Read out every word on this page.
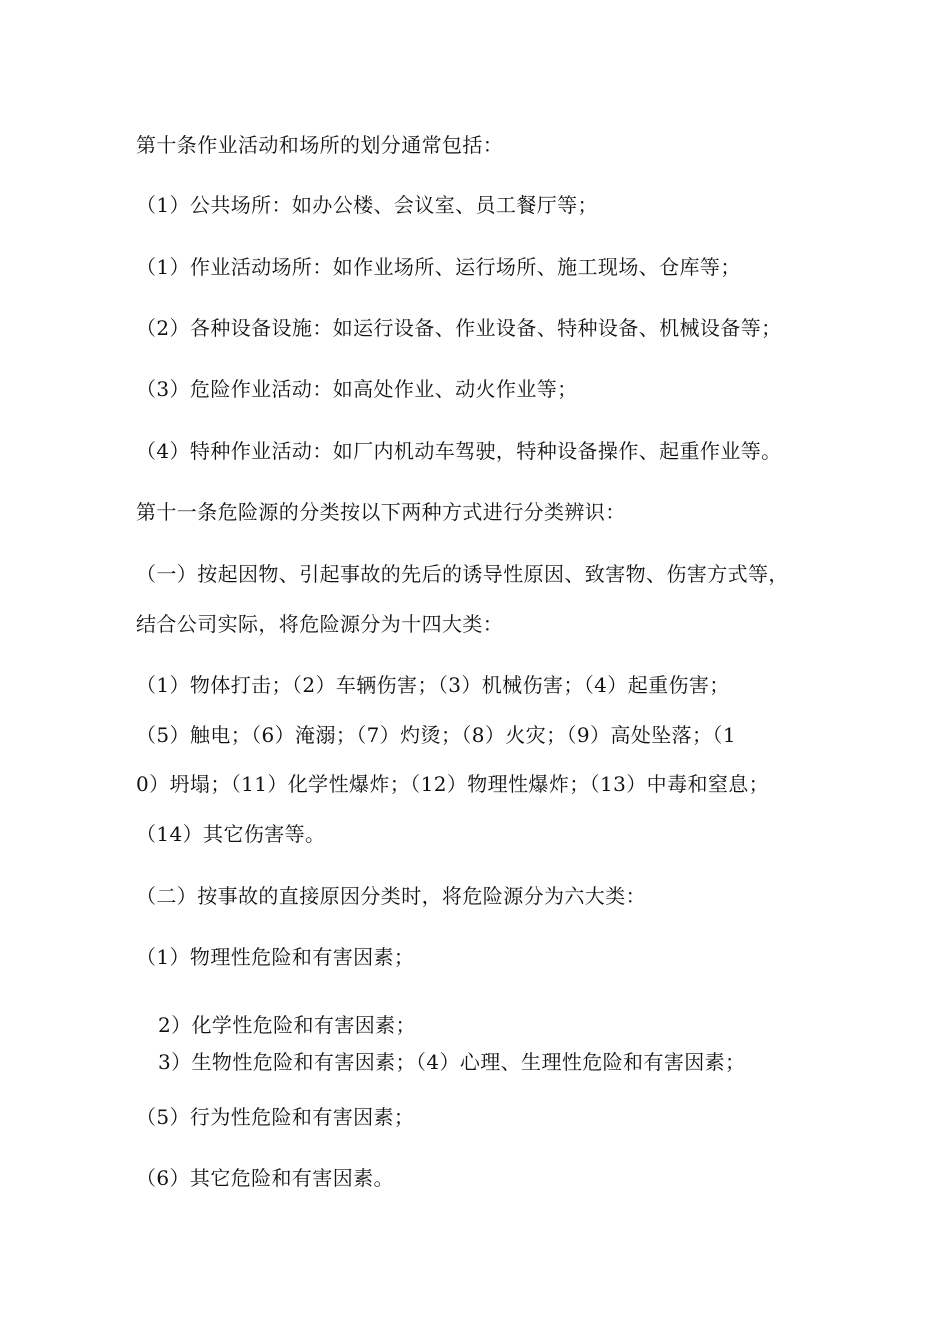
第十条作业活动和场所的划分通常包括：
（1）公共场所：如办公楼、会议室、员工餐厅等；
（1）作业活动场所：如作业场所、运行场所、施工现场、仓库等；
（2）各种设备设施：如运行设备、作业设备、特种设备、机械设备等；
（3）危险作业活动：如高处作业、动火作业等；
（4）特种作业活动：如厂内机动车驾驶，特种设备操作、起重作业等。
第十一条危险源的分类按以下两种方式进行分类辨识：
（一）按起因物、引起事故的先后的诱导性原因、致害物、伤害方式等，
结合公司实际，将危险源分为十四大类：
（1）物体打击；（2）车辆伤害；（3）机械伤害；（4）起重伤害；
（5）触电；（6）淹溺；（7）灼烫；（8）火灾；（9）高处坠落；（1
0）坍塌；（11）化学性爆炸；（12）物理性爆炸；（13）中毒和窒息；
（14）其它伤害等。
（二）按事故的直接原因分类时，将危险源分为六大类：
（1）物理性危险和有害因素；
2）化学性危险和有害因素；
3）生物性危险和有害因素；（4）心理、生理性危险和有害因素；
（5）行为性危险和有害因素；
（6）其它危险和有害因素。
